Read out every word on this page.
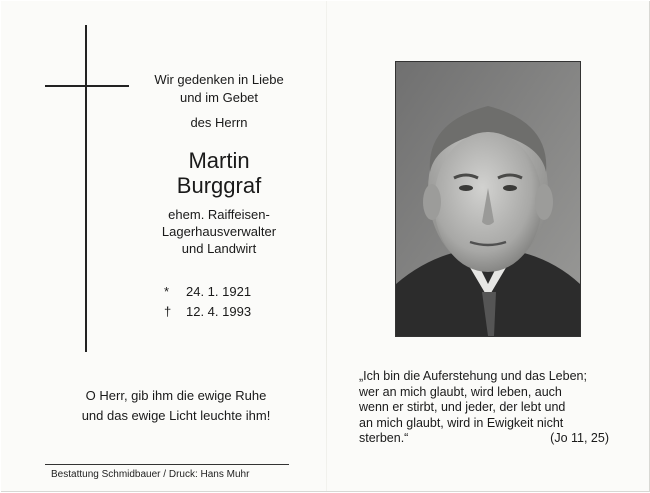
Wir gedenken in Liebe
und im Gebet
des Herrn
Martin
Burggraf
ehem. Raiffeisen-
Lagerhausverwalter
und Landwirt
*	24. 1. 1921
†	12. 4. 1993
O Herr, gib ihm die ewige Ruhe
und das ewige Licht leuchte ihm!
Bestattung Schmidbauer / Druck: Hans Muhr
„Ich bin die Auferstehung und das Leben;
wer an mich glaubt, wird leben, auch
wenn er stirbt, und jeder, der lebt und
an mich glaubt, wird in Ewigkeit nicht
sterben.“	(Jo 11, 25)
